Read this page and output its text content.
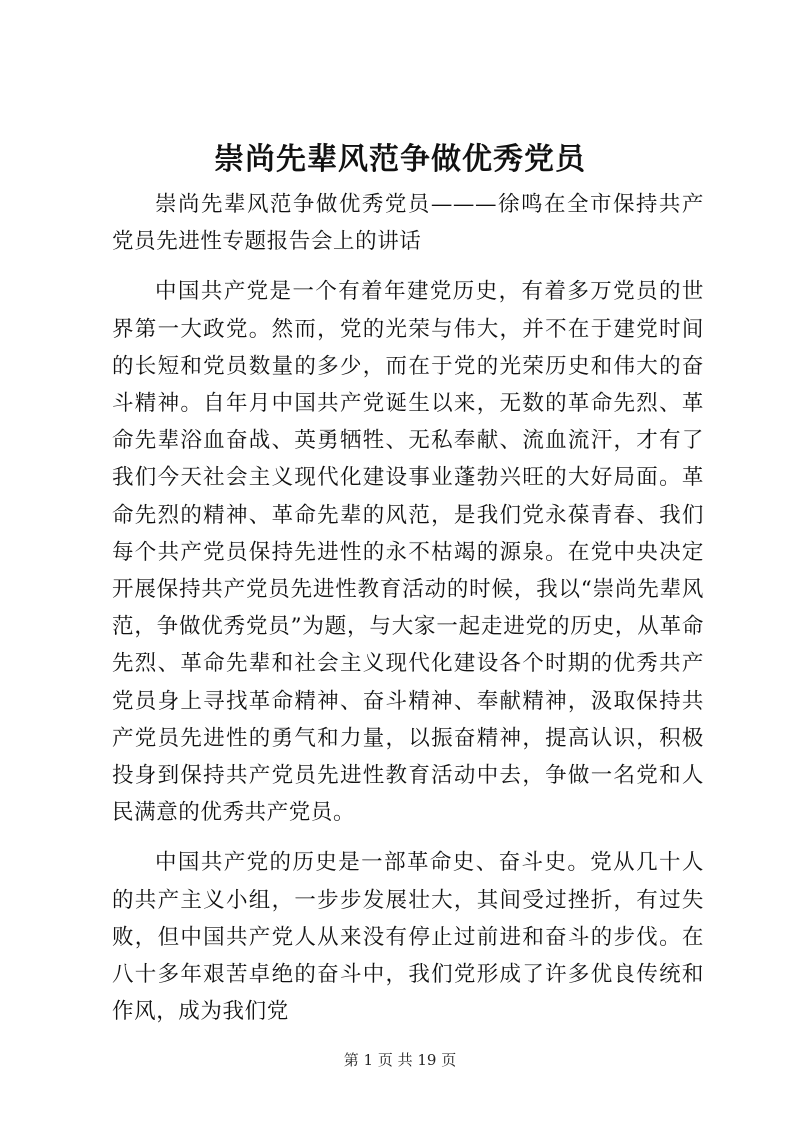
崇尚先辈风范争做优秀党员

崇尚先辈风范争做优秀党员———徐鸣在全市保持共产党员先进性专题报告会上的讲话

中国共产党是一个有着年建党历史，有着多万党员的世界第一大政党。然而，党的光荣与伟大，并不在于建党时间的长短和党员数量的多少，而在于党的光荣历史和伟大的奋斗精神。自年月中国共产党诞生以来，无数的革命先烈、革命先辈浴血奋战、英勇牺牲、无私奉献、流血流汗，才有了我们今天社会主义现代化建设事业蓬勃兴旺的大好局面。革命先烈的精神、革命先辈的风范，是我们党永葆青春、我们每个共产党员保持先进性的永不枯竭的源泉。在党中央决定开展保持共产党员先进性教育活动的时候，我以“崇尚先辈风范，争做优秀党员”为题，与大家一起走进党的历史，从革命先烈、革命先辈和社会主义现代化建设各个时期的优秀共产党员身上寻找革命精神、奋斗精神、奉献精神，汲取保持共产党员先进性的勇气和力量，以振奋精神，提高认识，积极投身到保持共产党员先进性教育活动中去，争做一名党和人民满意的优秀共产党员。

中国共产党的历史是一部革命史、奋斗史。党从几十人的共产主义小组，一步步发展壮大，其间受过挫折，有过失败，但中国共产党人从来没有停止过前进和奋斗的步伐。在八十多年艰苦卓绝的奋斗中，我们党形成了许多优良传统和作风，成为我们党

第 1 页 共 19 页
